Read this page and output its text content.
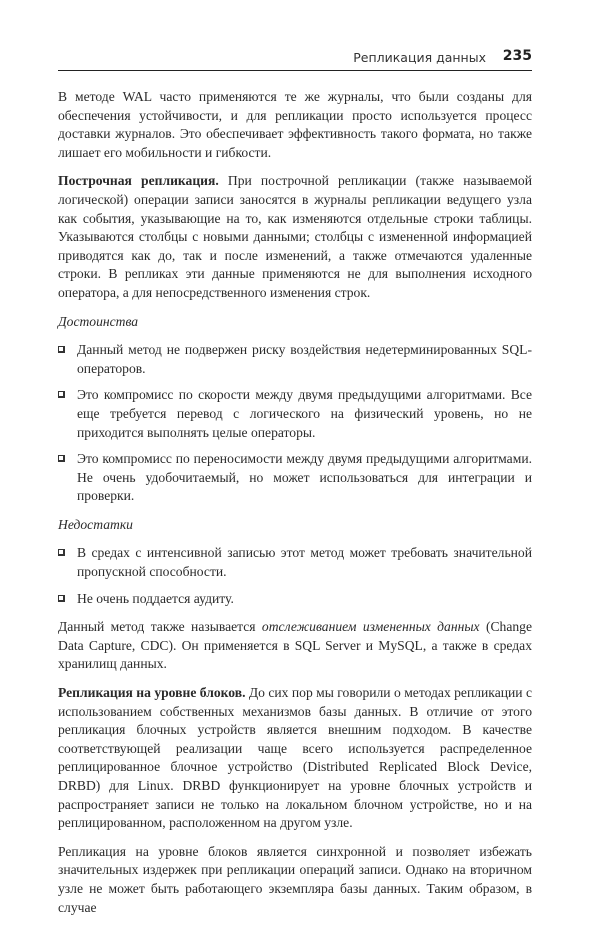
Репликация данных 235

В методе WAL часто применяются те же журналы, что были созданы для обеспечения устойчивости, и для репликации просто используется процесс доставки журналов. Это обеспечивает эффективность такого формата, но также лишает его мобильности и гибкости.

Построчная репликация. При построчной репликации (также называемой логической) операции записи заносятся в журналы репликации ведущего узла как события, указывающие на то, как изменяются отдельные строки таблицы. Указываются столбцы с новыми данными; столбцы с измененной информацией приводятся как до, так и после изменений, а также отмечаются удаленные строки. В репликах эти данные применяются не для выполнения исходного оператора, а для непосредственного изменения строк.

Достоинства
Данный метод не подвержен риску воздействия недетерминированных SQL-операторов.
Это компромисс по скорости между двумя предыдущими алгоритмами. Все еще требуется перевод с логического на физический уровень, но не приходится выполнять целые операторы.
Это компромисс по переносимости между двумя предыдущими алгоритмами. Не очень удобочитаемый, но может использоваться для интеграции и проверки.
Недостатки
В средах с интенсивной записью этот метод может требовать значительной пропускной способности.
Не очень поддается аудиту.

Данный метод также называется отслеживанием измененных данных (Change Data Capture, CDC). Он применяется в SQL Server и MySQL, а также в средах хранилищ данных.

Репликация на уровне блоков. До сих пор мы говорили о методах репликации с использованием собственных механизмов базы данных. В отличие от этого репликация блочных устройств является внешним подходом. В качестве соответствующей реализации чаще всего используется распределенное реплицированное блочное устройство (Distributed Replicated Block Device, DRBD) для Linux. DRBD функционирует на уровне блочных устройств и распространяет записи не только на локальном блочном устройстве, но и на реплицированном, расположенном на другом узле.

Репликация на уровне блоков является синхронной и позволяет избежать значительных издержек при репликации операций записи. Однако на вторичном узле не может быть работающего экземпляра базы данных. Таким образом, в случае
